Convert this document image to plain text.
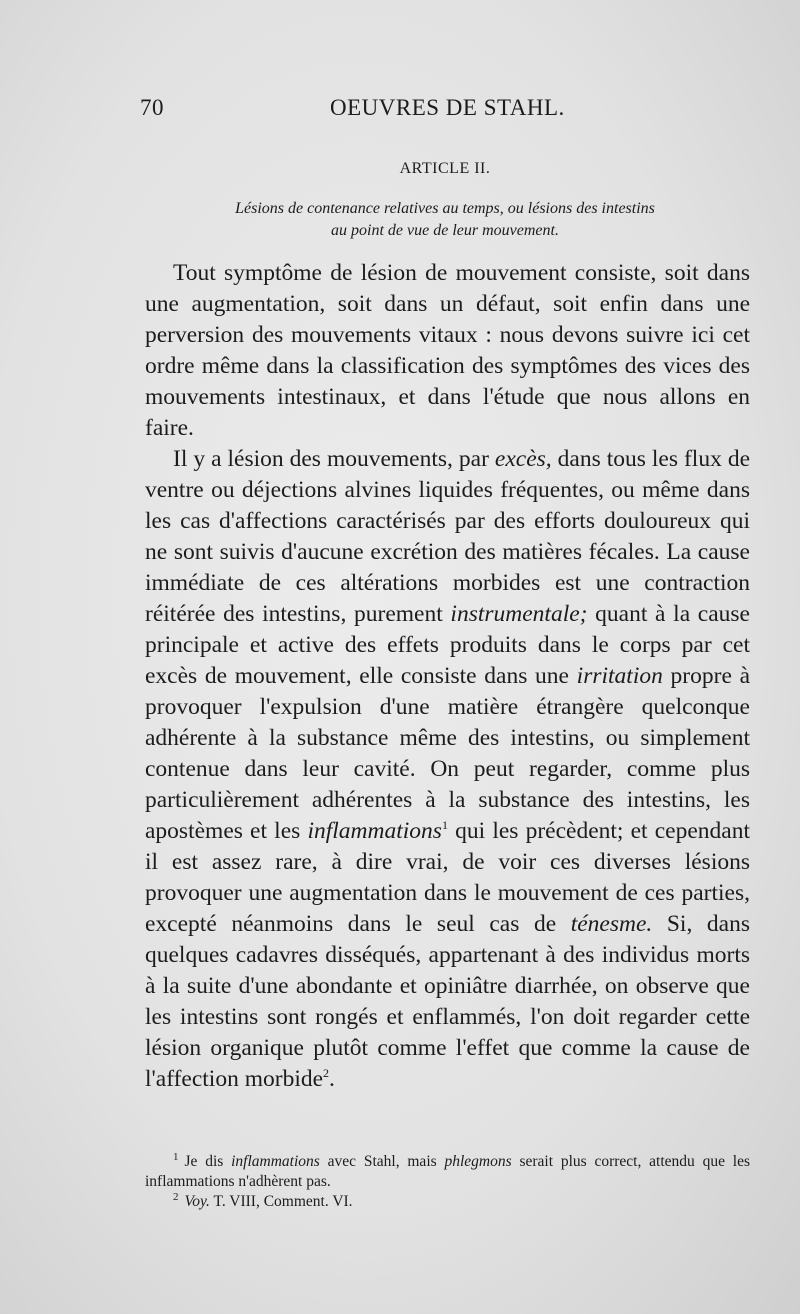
70	OEUVRES DE STAHL.
ARTICLE II.
Lésions de contenance relatives au temps, ou lésions des intestins
au point de vue de leur mouvement.

Tout symptôme de lésion de mouvement consiste, soit dans une augmentation, soit dans un défaut, soit enfin dans une perversion des mouvements vitaux : nous devons suivre ici cet ordre même dans la classification des symptômes des vices des mouvements intestinaux, et dans l'étude que nous allons en faire.

Il y a lésion des mouvements, par excès, dans tous les flux de ventre ou déjections alvines liquides fréquentes, ou même dans les cas d'affections caractérisés par des efforts douloureux qui ne sont suivis d'aucune excrétion des matières fécales. La cause immédiate de ces altérations morbides est une contraction réitérée des intestins, purement instrumentale; quant à la cause principale et active des effets produits dans le corps par cet excès de mouvement, elle consiste dans une irritation propre à provoquer l'expulsion d'une matière étrangère quelconque adhérente à la substance même des intestins, ou simplement contenue dans leur cavité. On peut regarder, comme plus particulièrement adhérentes à la substance des intestins, les apostèmes et les inflammations$^1$ qui les précèdent; et cependant il est assez rare, à dire vrai, de voir ces diverses lésions provoquer une augmentation dans le mouvement de ces parties, excepté néanmoins dans le seul cas de ténesme. Si, dans quelques cadavres disséqués, appartenant à des individus morts à la suite d'une abondante et opiniâtre diarrhée, on observe que les intestins sont rongés et enflammés, l'on doit regarder cette lésion organique plutôt comme l'effet que comme la cause de l'affection morbide$^2$.

$^1$ Je dis inflammations avec Stahl, mais phlegmons serait plus correct, attendu que les inflammations n'adhèrent pas.

$^2$ Voy. T. VIII, Comment. VI.
